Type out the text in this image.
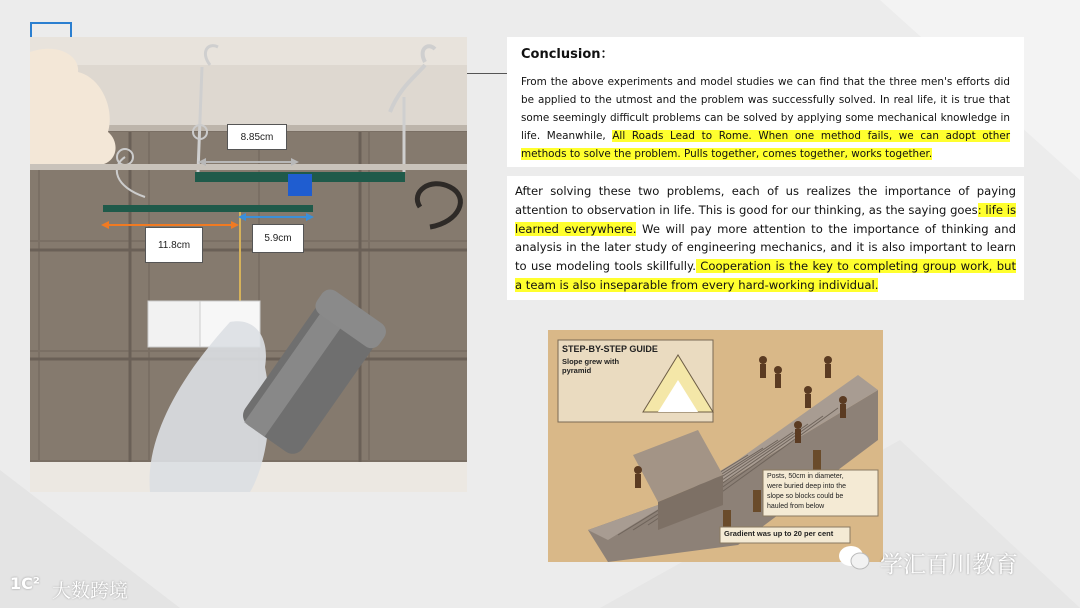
8.85cm
11.8cm
5.9cm
Conclusion：

From the above experiments and model studies we can find that the three men's efforts did be applied to the utmost and the problem was successfully solved. In real life, it is true that some seemingly difficult problems can be solved by applying some mechanical knowledge in life. Meanwhile, All Roads Lead to Rome. When one method fails, we can adopt other methods to solve the problem. Pulls together, comes together, works together.

After solving these two problems, each of us realizes the importance of paying attention to observation in life. This is good for our thinking, as the saying goes: life is learned everywhere. We will pay more attention to the importance of thinking and analysis in the later study of engineering mechanics, and it is also important to learn to use modeling tools skillfully. Cooperation is the key to completing group work, but a team is also inseparable from every hard-working individual.

STEP-BY-STEP GUIDE
Slope grew with
pyramid
Posts, 50cm in diameter,
were buried deep into the
slope so blocks could be
hauled from below
Gradient was up to 20 per cent
1C² 大数跨境
学汇百川教育
